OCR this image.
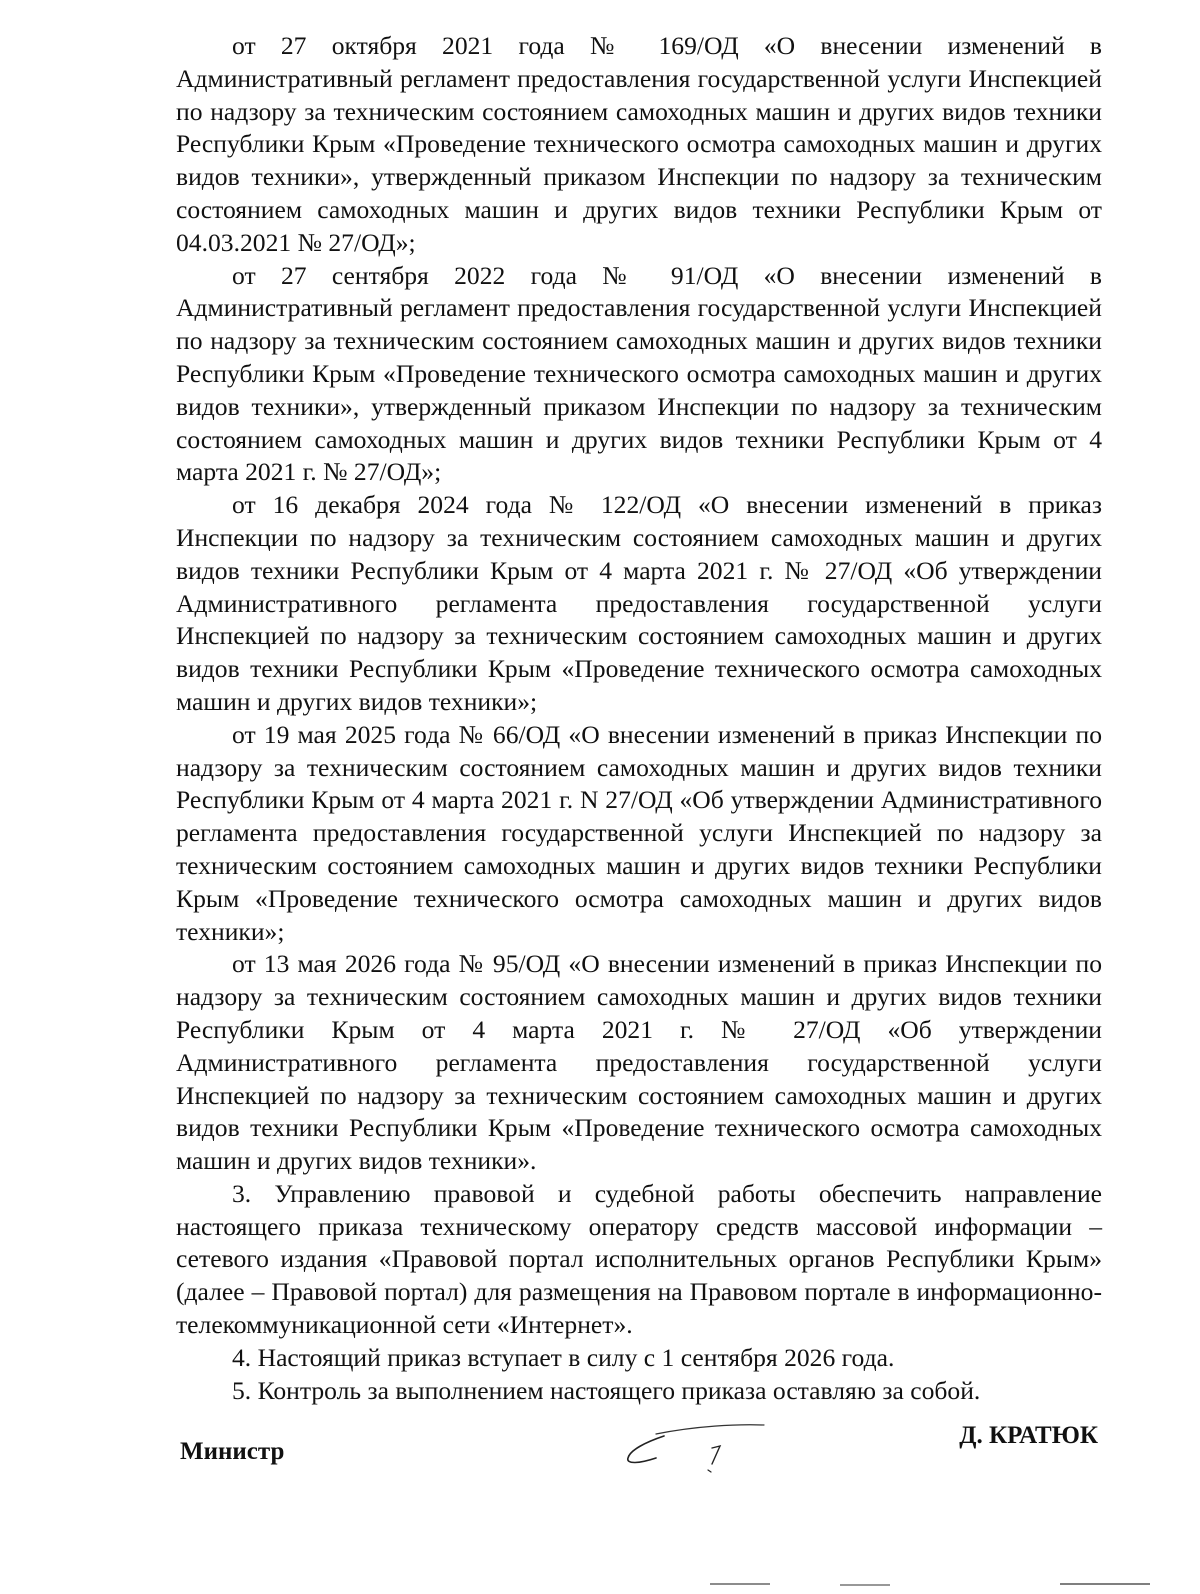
от 27 октября 2021 года № 169/ОД «О внесении изменений в Административный регламент предоставления государственной услуги Инспекцией по надзору за техническим состоянием самоходных машин и других видов техники Республики Крым «Проведение технического осмотра самоходных машин и других видов техники», утвержденный приказом Инспекции по надзору за техническим состоянием самоходных машин и других видов техники Республики Крым от 04.03.2021 № 27/ОД»;

от 27 сентября 2022 года № 91/ОД «О внесении изменений в Административный регламент предоставления государственной услуги Инспекцией по надзору за техническим состоянием самоходных машин и других видов техники Республики Крым «Проведение технического осмотра самоходных машин и других видов техники», утвержденный приказом Инспекции по надзору за техническим состоянием самоходных машин и других видов техники Республики Крым от 4 марта 2021 г. № 27/ОД»;

от 16 декабря 2024 года № 122/ОД «О внесении изменений в приказ Инспекции по надзору за техническим состоянием самоходных машин и других видов техники Республики Крым от 4 марта 2021 г. № 27/ОД «Об утверждении Административного регламента предоставления государственной услуги Инспекцией по надзору за техническим состоянием самоходных машин и других видов техники Республики Крым «Проведение технического осмотра самоходных машин и других видов техники»;

от 19 мая 2025 года № 66/ОД «О внесении изменений в приказ Инспекции по надзору за техническим состоянием самоходных машин и других видов техники Республики Крым от 4 марта 2021 г. N 27/ОД «Об утверждении Административного регламента предоставления государственной услуги Инспекцией по надзору за техническим состоянием самоходных машин и других видов техники Республики Крым «Проведение технического осмотра самоходных машин и других видов техники»;

от 13 мая 2026 года № 95/ОД «О внесении изменений в приказ Инспекции по надзору за техническим состоянием самоходных машин и других видов техники Республики Крым от 4 марта 2021 г. № 27/ОД «Об утверждении Административного регламента предоставления государственной услуги Инспекцией по надзору за техническим состоянием самоходных машин и других видов техники Республики Крым «Проведение технического осмотра самоходных машин и других видов техники».

3. Управлению правовой и судебной работы обеспечить направление настоящего приказа техническому оператору средств массовой информации – сетевого издания «Правовой портал исполнительных органов Республики Крым» (далее – Правовой портал) для размещения на Правовом портале в информационно-телекоммуникационной сети «Интернет».

4. Настоящий приказ вступает в силу с 1 сентября 2026 года.

5. Контроль за выполнением настоящего приказа оставляю за собой.

Министр
Д. КРАТЮК
